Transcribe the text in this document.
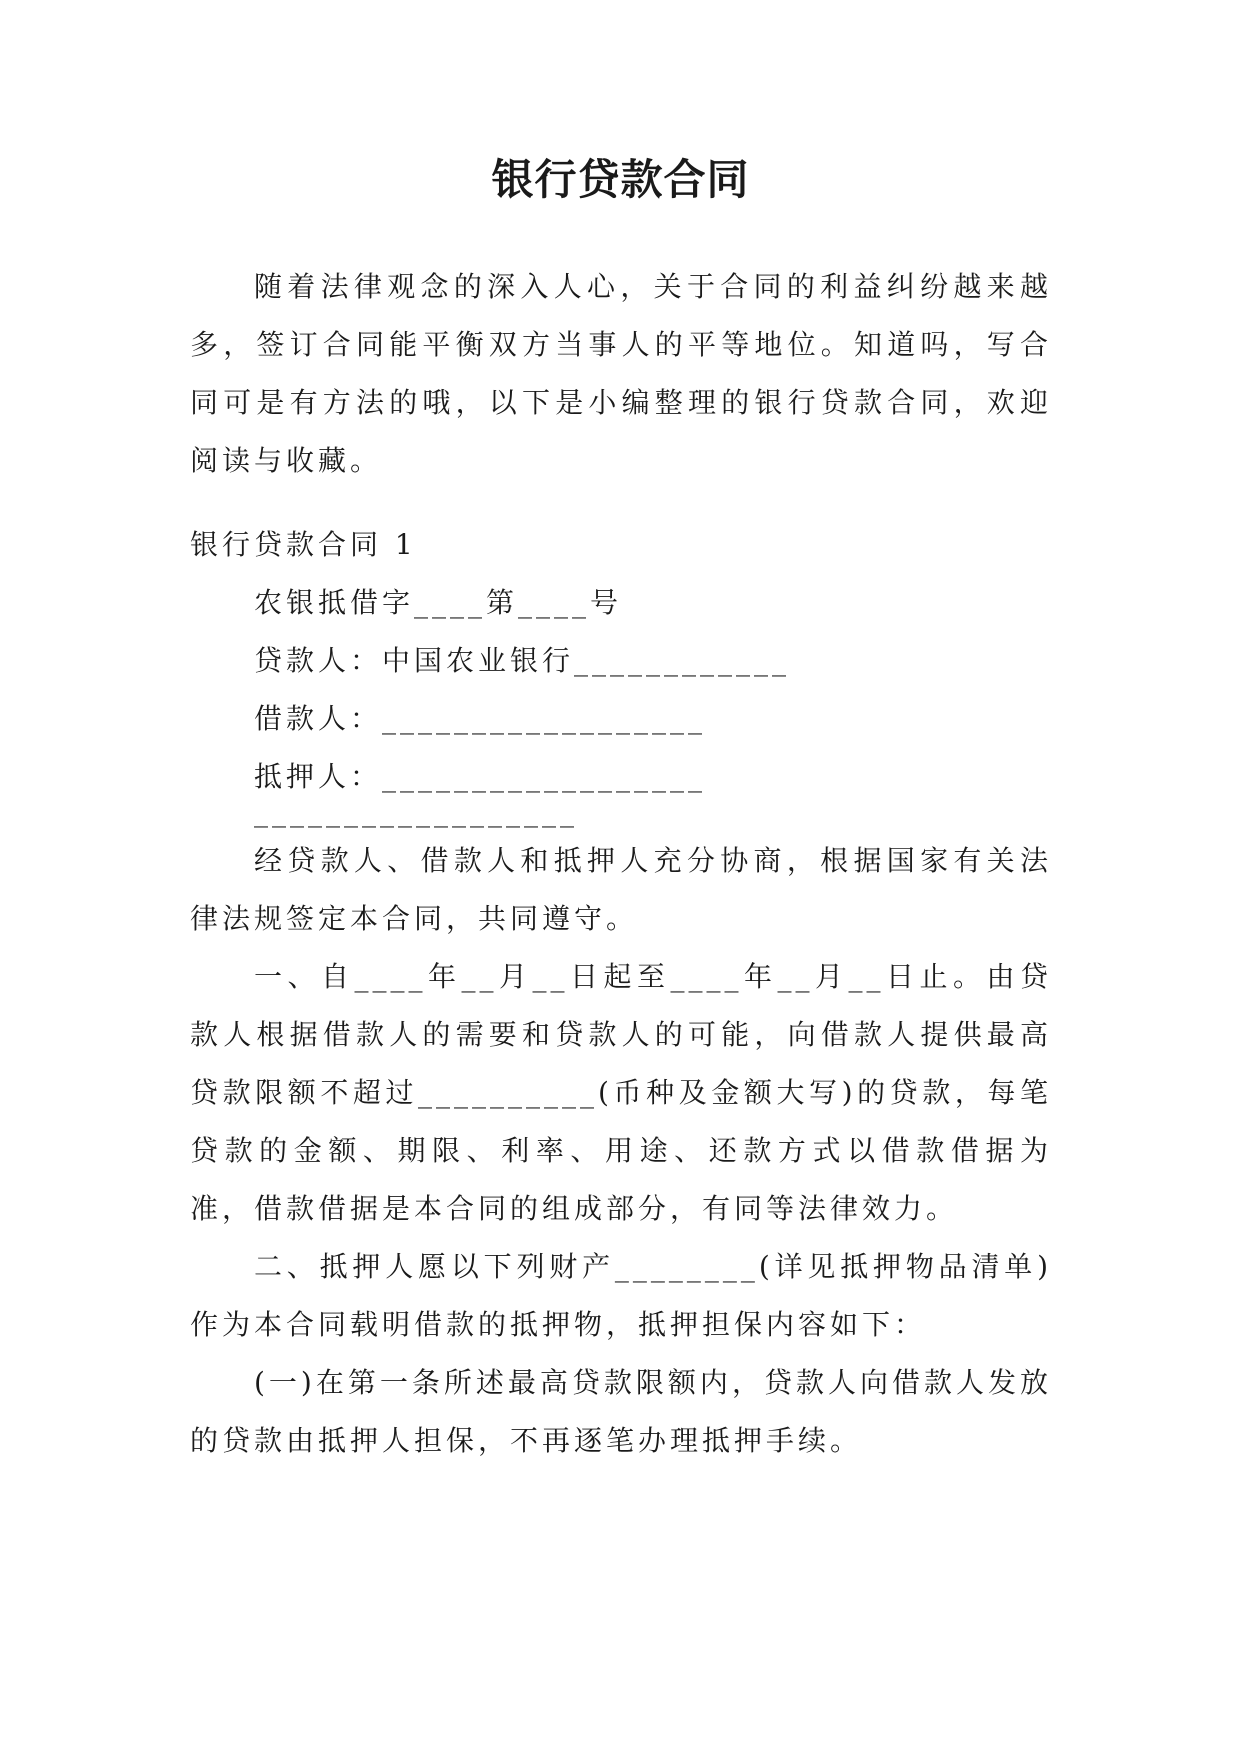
银行贷款合同

随着法律观念的深入人心，关于合同的利益纠纷越来越多，签订合同能平衡双方当事人的平等地位。知道吗，写合同可是有方法的哦，以下是小编整理的银行贷款合同，欢迎阅读与收藏。

银行贷款合同 1

农银抵借字____第____号

贷款人：中国农业银行____________

借款人：__________________

抵押人：__________________

__________________

经贷款人、借款人和抵押人充分协商，根据国家有关法律法规签定本合同，共同遵守。

一、自____年__月__日起至____年__月__日止。由贷款人根据借款人的需要和贷款人的可能，向借款人提供最高贷款限额不超过__________(币种及金额大写)的贷款，每笔贷款的金额、期限、利率、用途、还款方式以借款借据为准，借款借据是本合同的组成部分，有同等法律效力。

二、抵押人愿以下列财产________(详见抵押物品清单)作为本合同载明借款的抵押物，抵押担保内容如下：

(一)在第一条所述最高贷款限额内，贷款人向借款人发放的贷款由抵押人担保，不再逐笔办理抵押手续。
